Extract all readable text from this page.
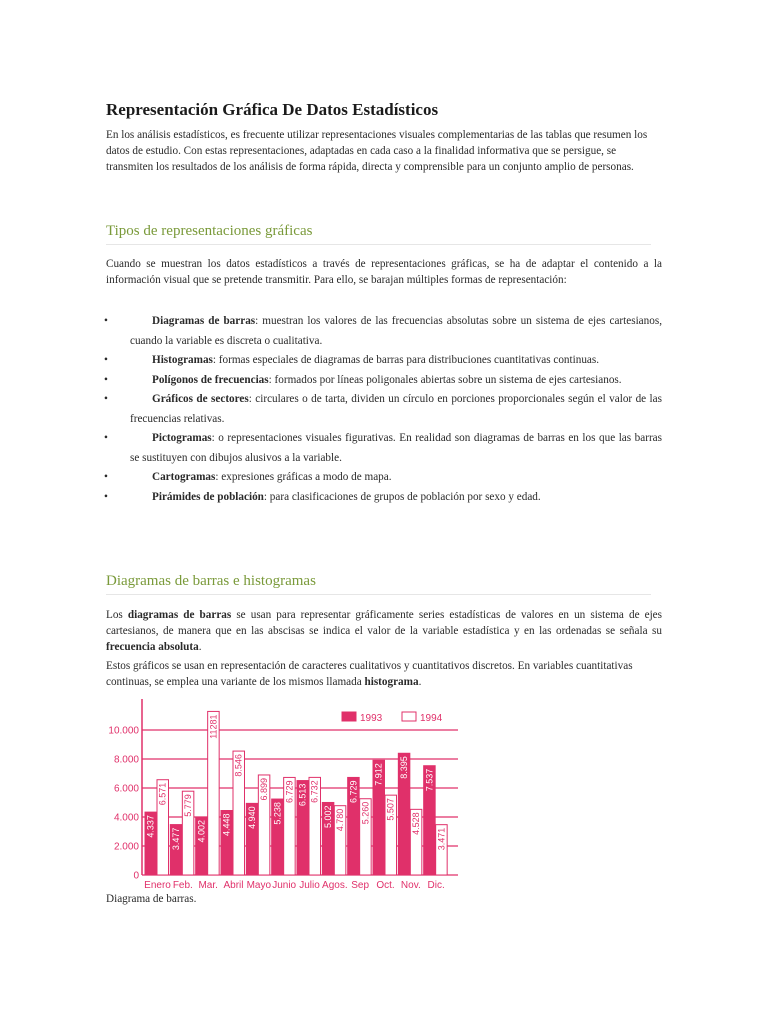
Representación Gráfica De Datos Estadísticos

En los análisis estadísticos, es frecuente utilizar representaciones visuales complementarias de las tablas que resumen los datos de estudio. Con estas representaciones, adaptadas en cada caso a la finalidad informativa que se persigue, se transmiten los resultados de los análisis de forma rápida, directa y comprensible para un conjunto amplio de personas.

Tipos de representaciones gráficas

Cuando se muestran los datos estadísticos a través de representaciones gráficas, se ha de adaptar el contenido a la información visual que se pretende transmitir. Para ello, se barajan múltiples formas de representación:

•	Diagramas de barras: muestran los valores de las frecuencias absolutas sobre un sistema de ejes cartesianos, cuando la variable es discreta o cualitativa.
•	Histogramas: formas especiales de diagramas de barras para distribuciones cuantitativas continuas.
•	Polígonos de frecuencias: formados por líneas poligonales abiertas sobre un sistema de ejes cartesianos.
•	Gráficos de sectores: circulares o de tarta, dividen un círculo en porciones proporcionales según el valor de las frecuencias relativas.
•	Pictogramas: o representaciones visuales figurativas. En realidad son diagramas de barras en los que las barras se sustituyen con dibujos alusivos a la variable.
•	Cartogramas: expresiones gráficas a modo de mapa.
•	Pirámides de población: para clasificaciones de grupos de población por sexo y edad.
Diagramas de barras e histogramas

Los diagramas de barras se usan para representar gráficamente series estadísticas de valores en un sistema de ejes cartesianos, de manera que en las abscisas se indica el valor de la variable estadística y en las ordenadas se señala su frecuencia absoluta.

Estos gráficos se usan en representación de caracteres cualitativos y cuantitativos discretos. En variables cuantitativas continuas, se emplea una variante de los mismos llamada histograma.

0
2.000
4.000
6.000
8.000
10.000
4.337
6.571
Enero
3.477
5.779
Feb.
4.002
11281
Mar.
4.448
8.546
Abril
4.940
6.899
Mayo
5.238
6.729
Junio
6.513 6.732
Julio
5.002 4.780
Agos.
6.729
5.260
Sep
7.912
5.507
Oct.
8.395
4.528
Nov.
7.537
3.471
Dic.
1993	1994
Diagrama de barras.
